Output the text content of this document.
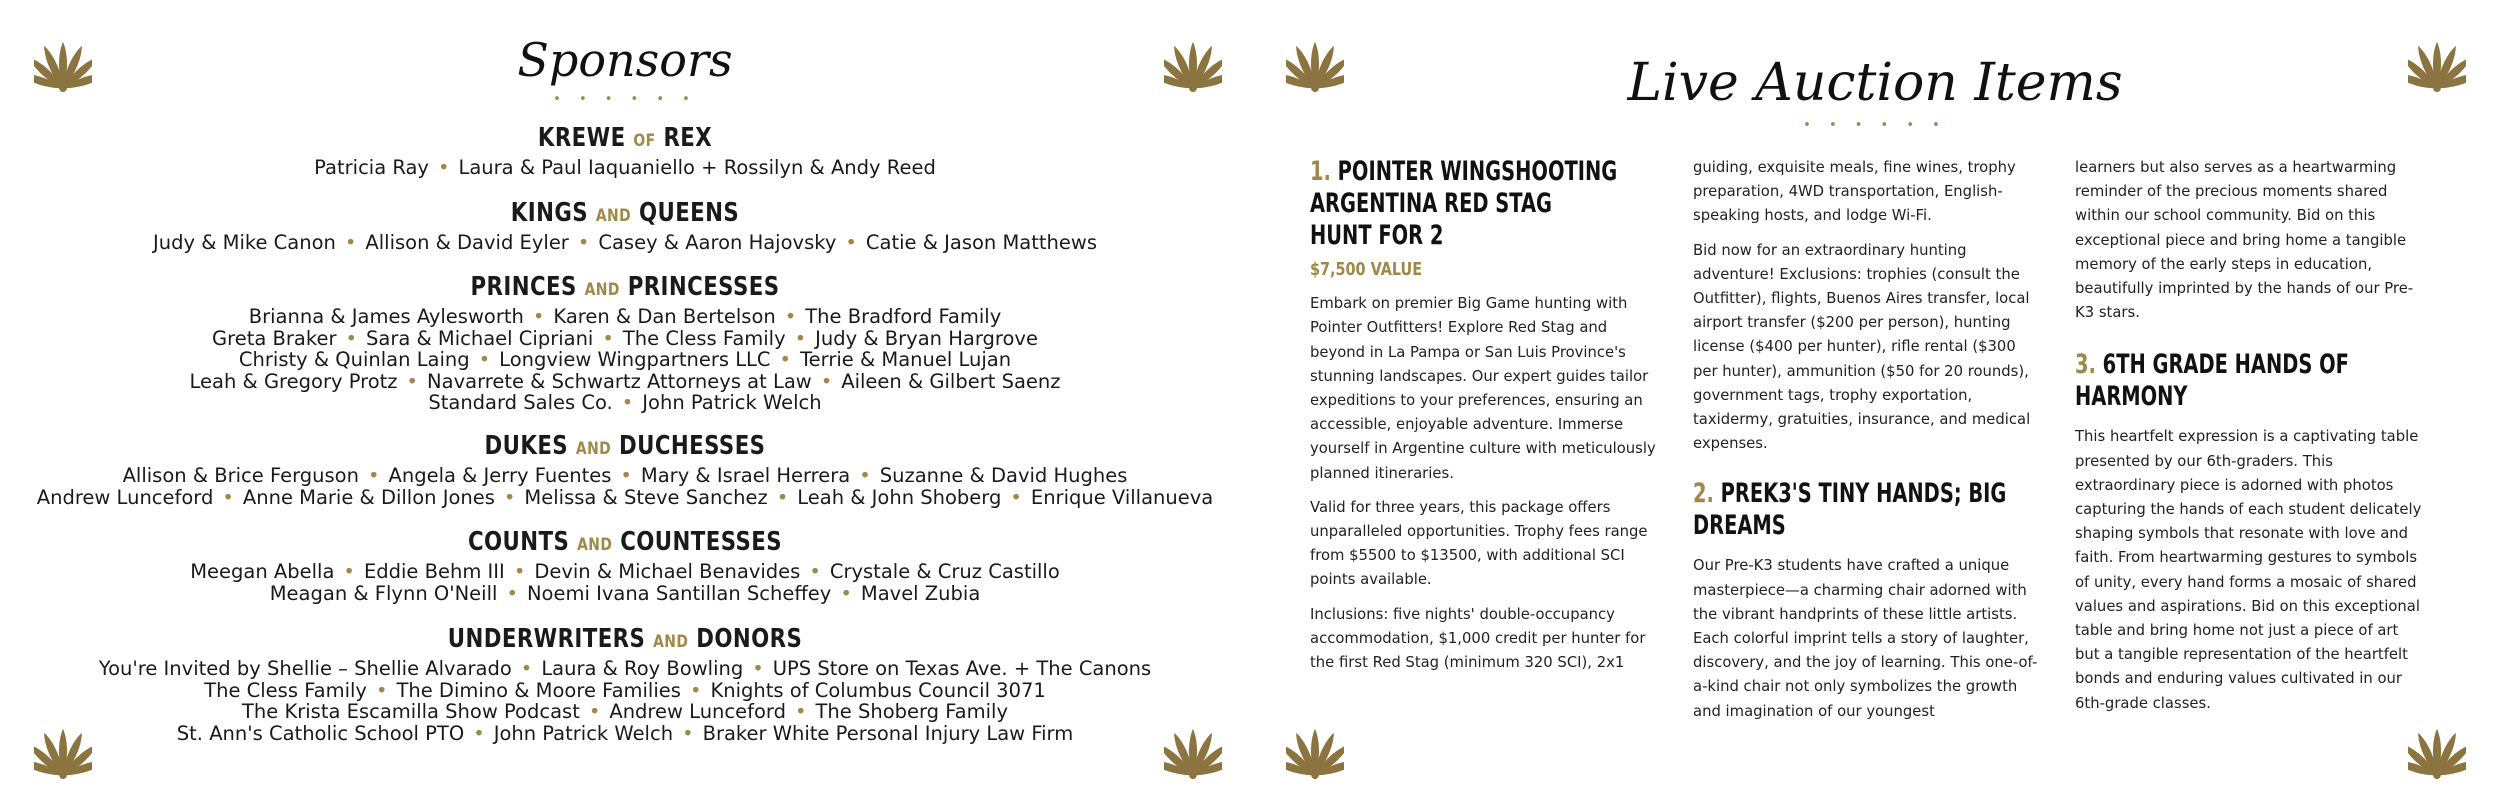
Sponsors
• • • • • •
KREWE OF REX

Patricia Ray • Laura & Paul Iaquaniello + Rossilyn & Andy Reed

KINGS AND QUEENS

Judy & Mike Canon • Allison & David Eyler • Casey & Aaron Hajovsky • Catie & Jason Matthews

PRINCES AND PRINCESSES

Brianna & James Aylesworth • Karen & Dan Bertelson • The Bradford Family

Greta Braker • Sara & Michael Cipriani • The Cless Family • Judy & Bryan Hargrove

Christy & Quinlan Laing • Longview Wingpartners LLC • Terrie & Manuel Lujan

Leah & Gregory Protz • Navarrete & Schwartz Attorneys at Law • Aileen & Gilbert Saenz

Standard Sales Co. • John Patrick Welch

DUKES AND DUCHESSES

Allison & Brice Ferguson • Angela & Jerry Fuentes • Mary & Israel Herrera • Suzanne & David Hughes

Andrew Lunceford • Anne Marie & Dillon Jones • Melissa & Steve Sanchez • Leah & John Shoberg • Enrique Villanueva

COUNTS AND COUNTESSES

Meegan Abella • Eddie Behm III • Devin & Michael Benavides • Crystale & Cruz Castillo

Meagan & Flynn O'Neill • Noemi Ivana Santillan Scheffey • Mavel Zubia

UNDERWRITERS AND DONORS

You're Invited by Shellie – Shellie Alvarado • Laura & Roy Bowling • UPS Store on Texas Ave. + The Canons

The Cless Family • The Dimino & Moore Families • Knights of Columbus Council 3071

The Krista Escamilla Show Podcast • Andrew Lunceford • The Shoberg Family

St. Ann's Catholic School PTO • John Patrick Welch • Braker White Personal Injury Law Firm

Live Auction Items
• • • • • •
1. POINTER WINGSHOOTING
ARGENTINA RED STAG
HUNT FOR 2
$7,500 VALUE

Embark on premier Big Game hunting with Pointer Outfitters! Explore Red Stag and beyond in La Pampa or San Luis Province's stunning landscapes. Our expert guides tailor expeditions to your preferences, ensuring an accessible, enjoyable adventure. Immerse yourself in Argentine culture with meticulously planned itineraries.

Valid for three years, this package offers unparalleled opportunities. Trophy fees range from $5500 to $13500, with additional SCI points available.

Inclusions: five nights' double-occupancy accommodation, $1,000 credit per hunter for the first Red Stag (minimum 320 SCI), 2x1

guiding, exquisite meals, fine wines, trophy preparation, 4WD transportation, English-speaking hosts, and lodge Wi-Fi.

Bid now for an extraordinary hunting adventure! Exclusions: trophies (consult the Outfitter), flights, Buenos Aires transfer, local airport transfer ($200 per person), hunting license ($400 per hunter), rifle rental ($300 per hunter), ammunition ($50 for 20 rounds), government tags, trophy exportation, taxidermy, gratuities, insurance, and medical expenses.

2. PREK3'S TINY HANDS; BIG
DREAMS

Our Pre-K3 students have crafted a unique masterpiece—a charming chair adorned with the vibrant handprints of these little artists. Each colorful imprint tells a story of laughter, discovery, and the joy of learning. This one-of-a-kind chair not only symbolizes the growth and imagination of our youngest

learners but also serves as a heartwarming reminder of the precious moments shared within our school community. Bid on this exceptional piece and bring home a tangible memory of the early steps in education, beautifully imprinted by the hands of our Pre-K3 stars.

3. 6TH GRADE HANDS OF
HARMONY

This heartfelt expression is a captivating table presented by our 6th-graders. This extraordinary piece is adorned with photos capturing the hands of each student delicately shaping symbols that resonate with love and faith. From heartwarming gestures to symbols of unity, every hand forms a mosaic of shared values and aspirations. Bid on this exceptional table and bring home not just a piece of art but a tangible representation of the heartfelt bonds and enduring values cultivated in our 6th-grade classes.
